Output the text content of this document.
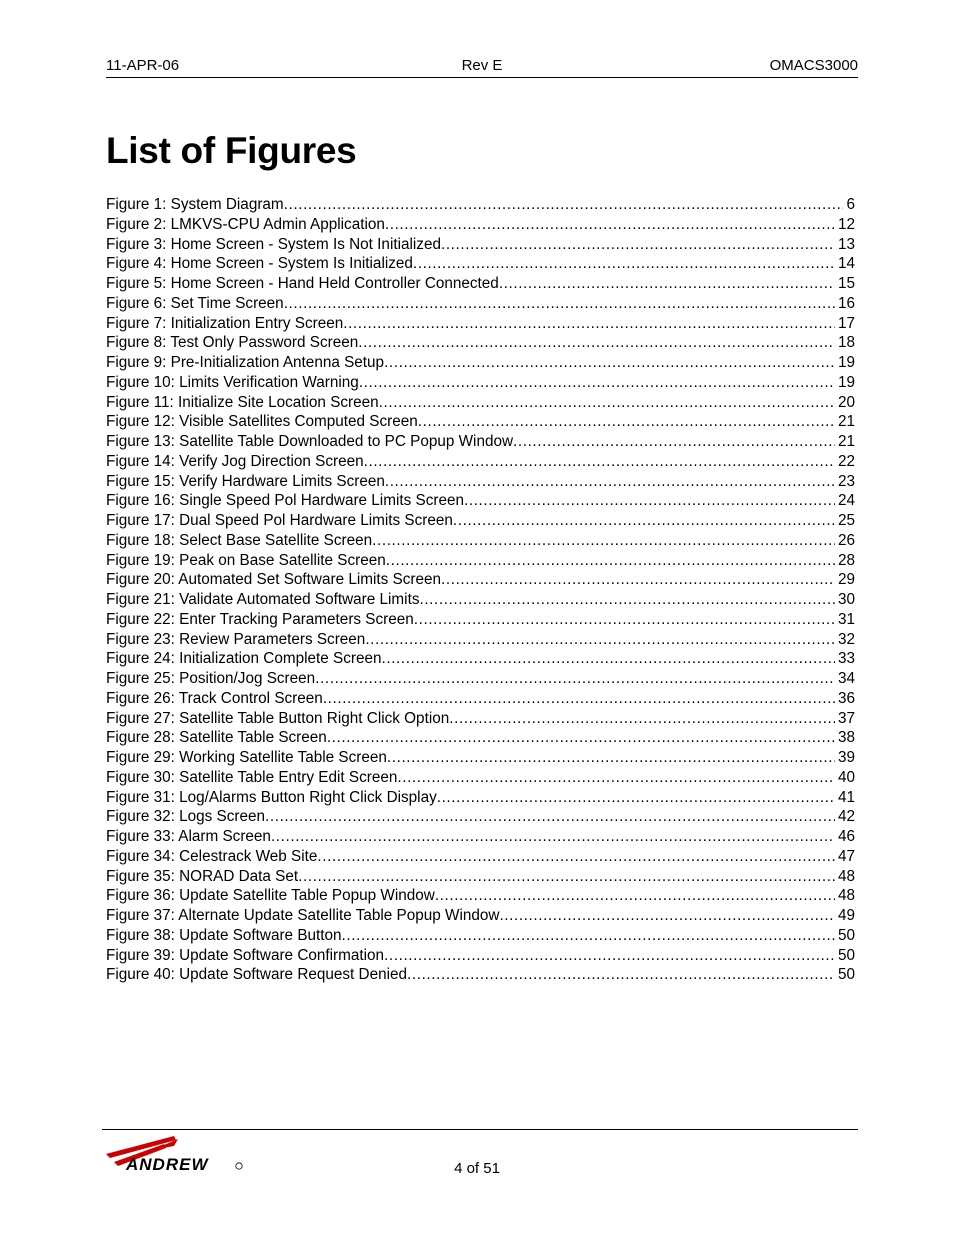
11-APR-06	Rev E	OMACS3000
List of Figures
Figure 1: System Diagram .....	6
Figure 2: LMKVS-CPU Admin Application .....	12
Figure 3: Home Screen - System Is Not Initialized .....	13
Figure 4: Home Screen - System Is Initialized .....	14
Figure 5: Home Screen - Hand Held Controller Connected .....	15
Figure 6: Set Time Screen .....	16
Figure 7: Initialization Entry Screen .....	17
Figure 8: Test Only Password Screen .....	18
Figure 9: Pre-Initialization Antenna Setup .....	19
Figure 10: Limits Verification Warning .....	19
Figure 11: Initialize Site Location Screen .....	20
Figure 12: Visible Satellites Computed Screen .....	21
Figure 13: Satellite Table Downloaded to PC Popup Window .....	21
Figure 14: Verify Jog Direction Screen .....	22
Figure 15: Verify Hardware Limits Screen .....	23
Figure 16: Single Speed Pol Hardware Limits Screen .....	24
Figure 17: Dual Speed Pol Hardware Limits Screen .....	25
Figure 18: Select Base Satellite Screen .....	26
Figure 19: Peak on Base Satellite Screen .....	28
Figure 20: Automated Set Software Limits Screen .....	29
Figure 21: Validate Automated Software Limits .....	30
Figure 22: Enter Tracking Parameters Screen .....	31
Figure 23: Review Parameters Screen .....	32
Figure 24: Initialization Complete Screen .....	33
Figure 25: Position/Jog Screen .....	34
Figure 26: Track Control Screen .....	36
Figure 27: Satellite Table Button Right Click Option .....	37
Figure 28: Satellite Table Screen .....	38
Figure 29: Working Satellite Table Screen .....	39
Figure 30: Satellite Table Entry Edit Screen .....	40
Figure 31: Log/Alarms Button Right Click Display .....	41
Figure 32: Logs Screen .....	42
Figure 33: Alarm Screen .....	46
Figure 34: Celestrack Web Site .....	47
Figure 35: NORAD Data Set .....	48
Figure 36: Update Satellite Table Popup Window .....	48
Figure 37: Alternate Update Satellite Table Popup Window .....	49
Figure 38: Update Software Button .....	50
Figure 39: Update Software Confirmation .....	50
Figure 40: Update Software Request Denied .....	50
ANDREW	4 of 51
